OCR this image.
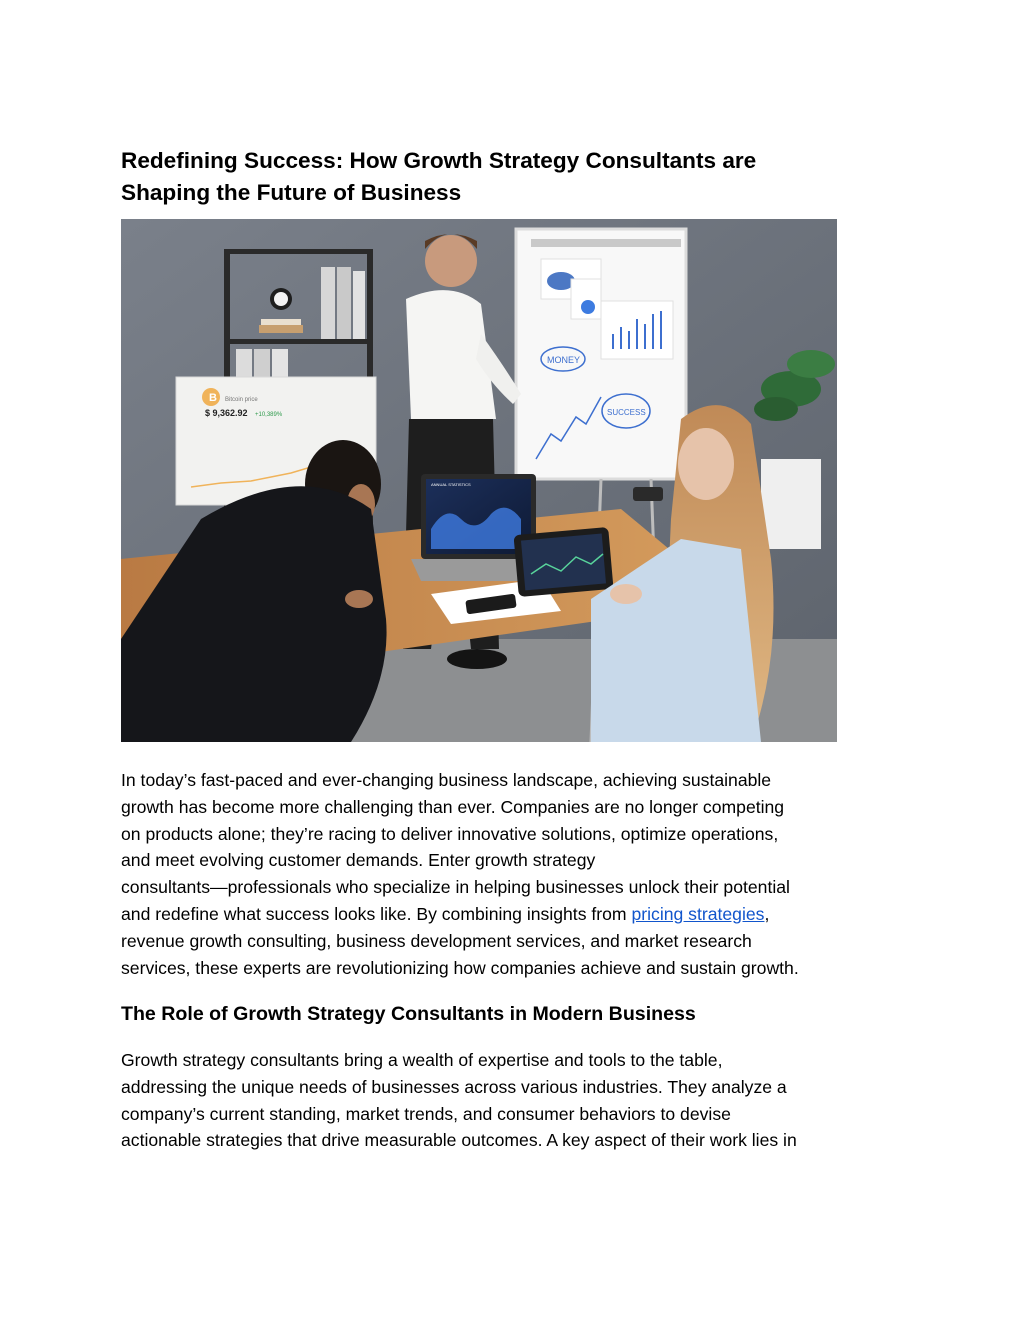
Redefining Success: How Growth Strategy Consultants are
Shaping the Future of Business
B Bitcoin price
$ 9,362.92 +10,389%
MONEY
SUCCESS
ANNUAL STATISTICS

In today’s fast-paced and ever-changing business landscape, achieving sustainable
growth has become more challenging than ever. Companies are no longer competing
on products alone; they’re racing to deliver innovative solutions, optimize operations,
and meet evolving customer demands. Enter growth strategy
consultants—professionals who specialize in helping businesses unlock their potential
and redefine what success looks like. By combining insights from pricing strategies,
revenue growth consulting, business development services, and market research
services, these experts are revolutionizing how companies achieve and sustain growth.

The Role of Growth Strategy Consultants in Modern Business

Growth strategy consultants bring a wealth of expertise and tools to the table,
addressing the unique needs of businesses across various industries. They analyze a
company’s current standing, market trends, and consumer behaviors to devise
actionable strategies that drive measurable outcomes. A key aspect of their work lies in
